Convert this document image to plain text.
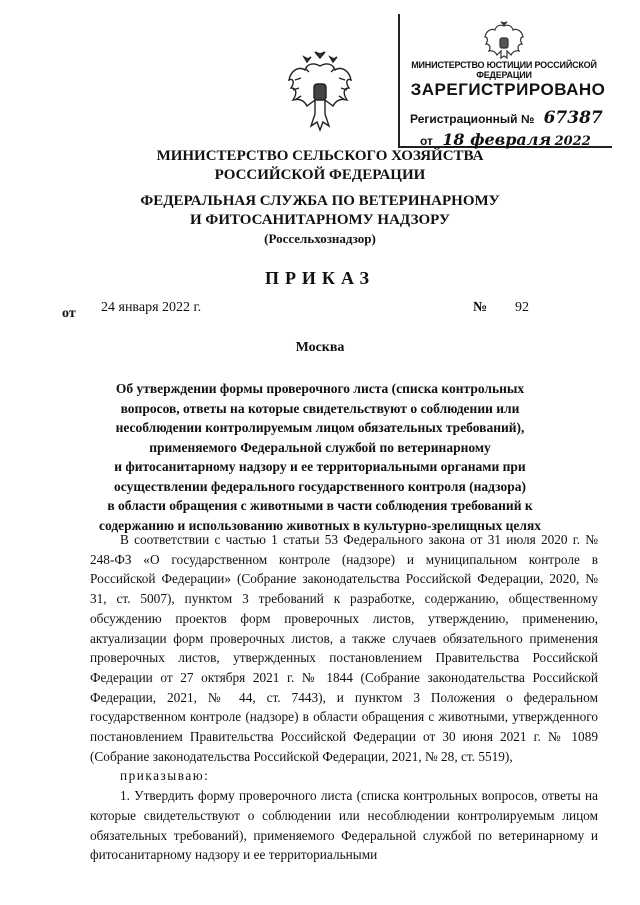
МИНИСТЕРСТВО ЮСТИЦИИ РОССИЙСКОЙ ФЕДЕРАЦИИ
ЗАРЕГИСТРИРОВАНО
Регистрационный № 67387
от 18 февраля 2022
МИНИСТЕРСТВО СЕЛЬСКОГО ХОЗЯЙСТВА
РОССИЙСКОЙ ФЕДЕРАЦИИ
ФЕДЕРАЛЬНАЯ СЛУЖБА ПО ВЕТЕРИНАРНОМУ
И ФИТОСАНИТАРНОМУ НАДЗОРУ
(Россельхознадзор)
ПРИКАЗ
от 24 января 2022 г.	№ 92
Москва
Об утверждении формы проверочного листа (списка контрольных
вопросов, ответы на которые свидетельствуют о соблюдении или
несоблюдении контролируемым лицом обязательных требований),
применяемого Федеральной службой по ветеринарному
и фитосанитарному надзору и ее территориальными органами при
осуществлении федерального государственного контроля (надзора)
в области обращения с животными в части соблюдения требований к
содержанию и использованию животных в культурно-зрелищных целях

В соответствии с частью 1 статьи 53 Федерального закона от 31 июля 2020 г. № 248-ФЗ «О государственном контроле (надзоре) и муниципальном контроле в Российской Федерации» (Собрание законодательства Российской Федерации, 2020, № 31, ст. 5007), пунктом 3 требований к разработке, содержанию, общественному обсуждению проектов форм проверочных листов, утверждению, применению, актуализации форм проверочных листов, а также случаев обязательного применения проверочных листов, утвержденных постановлением Правительства Российской Федерации от 27 октября 2021 г. № 1844 (Собрание законодательства Российской Федерации, 2021, № 44, ст. 7443), и пунктом 3 Положения о федеральном государственном контроле (надзоре) в области обращения с животными, утвержденного постановлением Правительства Российской Федерации от 30 июня 2021 г. № 1089 (Собрание законодательства Российской Федерации, 2021, № 28, ст. 5519),

приказываю:

1. Утвердить форму проверочного листа (списка контрольных вопросов, ответы на которые свидетельствуют о соблюдении или несоблюдении контролируемым лицом обязательных требований), применяемого Федеральной службой по ветеринарному и фитосанитарному надзору и ее территориальными
